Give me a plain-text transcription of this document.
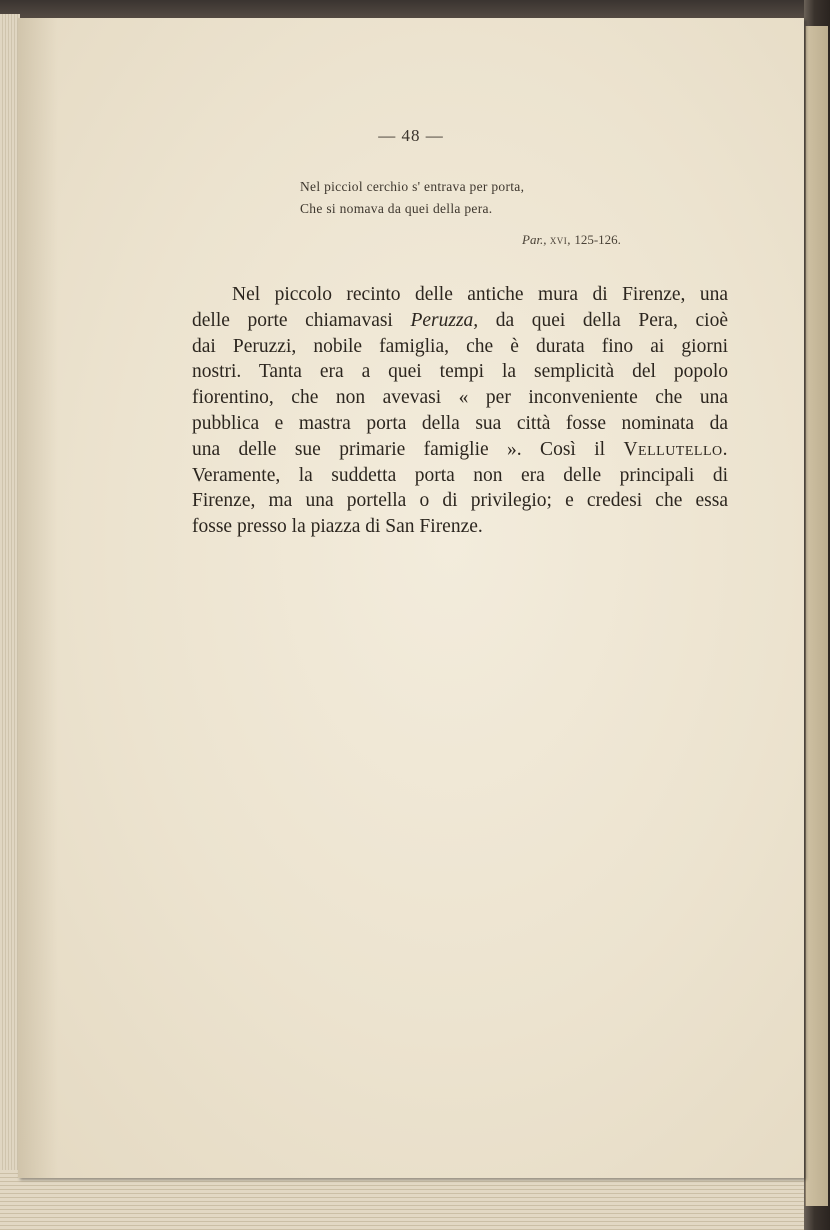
— 48 —
Nel picciol cerchio s' entrava per porta,
Che si nomava da quei della pera.
Par., xvi, 125-126.
Nel piccolo recinto delle antiche mura di Firenze, una
delle porte chiamavasi Peruzza, da quei della Pera, cioè
dai Peruzzi, nobile famiglia, che è durata fino ai giorni
nostri. Tanta era a quei tempi la semplicità del popolo
fiorentino, che non avevasi « per inconveniente che una
pubblica e mastra porta della sua città fosse nominata da
una delle sue primarie famiglie ». Così il Vellutello.
Veramente, la suddetta porta non era delle principali di
Firenze, ma una portella o di privilegio; e credesi che essa
fosse presso la piazza di San Firenze.
